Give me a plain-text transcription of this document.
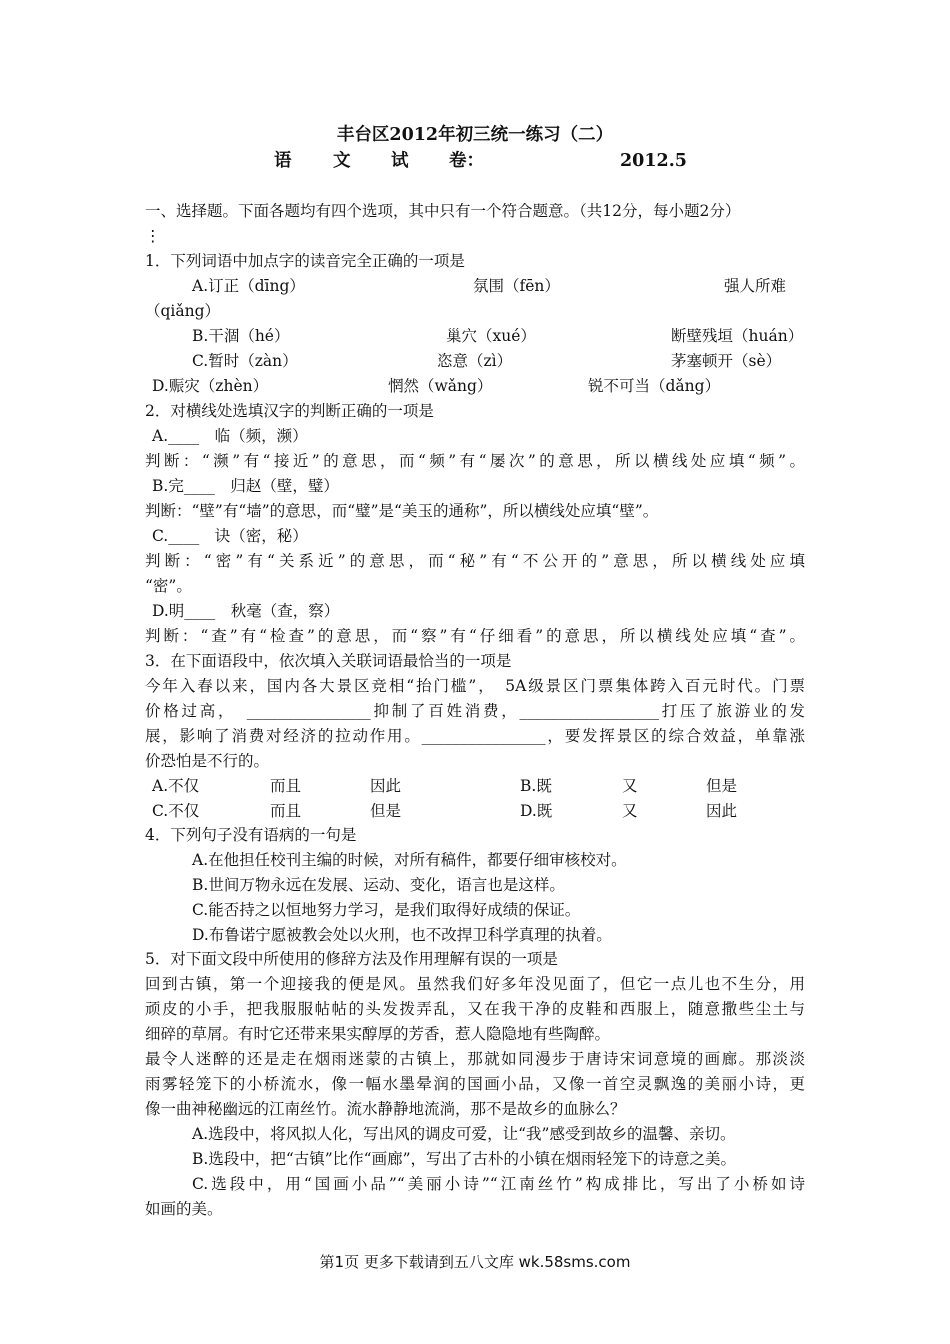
丰台区2012年初三统一练习（二）
语 文 试 卷：	2012.5
一、选择题。下面各题均有四个选项，其中只有一个符合题意。（共12分，每小题2分）
⋮
1．下列词语中加点字的读音完全正确的一项是
A.订正（dīng）	氛围（fēn）	强人所难
（qiǎng）
B.干涸（hé）	巢穴（xué）	断壁残垣（huán）
C.暂时（zàn）	恣意（zì）	茅塞顿开（sè）
D.赈灾（zhèn）	惘然（wǎng）	锐不可当（dǎng）
2．对横线处选填汉字的判断正确的一项是
A.____　临（频，濒）
判断：“濒”有“接近”的意思，而“频”有“屡次”的意思，所以横线处应填“频”。
B.完____　归赵（壁，璧）
判断：“壁”有“墙”的意思，而“璧”是“美玉的通称”，所以横线处应填“壁”。
C.____　诀（密，秘）
判断：“密”有“关系近”的意思，而“秘”有“不公开的”意思，所以横线处应填
“密”。
D.明____　秋毫（查，察）
判断：“查”有“检查”的意思，而“察”有“仔细看”的意思，所以横线处应填“查”。
3．在下面语段中，依次填入关联词语最恰当的一项是
今年入春以来，国内各大景区竞相“抬门槛”，　5A级景区门票集体跨入百元时代。门票
价格过高，　________________抑制了百姓消费，__________________打压了旅游业的发
展，影响了消费对经济的拉动作用。________________，要发挥景区的综合效益，单靠涨
价恐怕是不行的。
A.不仅	而且	因此	B.既	又	但是
C.不仅	而且	但是	D.既	又	因此
4．下列句子没有语病的一句是
A.在他担任校刊主编的时候，对所有稿件，都要仔细审核校对。
B.世间万物永远在发展、运动、变化，语言也是这样。
C.能否持之以恒地努力学习，是我们取得好成绩的保证。
D.布鲁诺宁愿被教会处以火刑，也不改捍卫科学真理的执着。
5．对下面文段中所使用的修辞方法及作用理解有误的一项是
回到古镇，第一个迎接我的便是风。虽然我们好多年没见面了，但它一点儿也不生分，用
顽皮的小手，把我服服帖帖的头发拨弄乱，又在我干净的皮鞋和西服上，随意撒些尘土与
细碎的草屑。有时它还带来果实醇厚的芳香，惹人隐隐地有些陶醉。
最令人迷醉的还是走在烟雨迷蒙的古镇上，那就如同漫步于唐诗宋词意境的画廊。那淡淡
雨雾轻笼下的小桥流水，像一幅水墨晕润的国画小品，又像一首空灵飘逸的美丽小诗，更
像一曲神秘幽远的江南丝竹。流水静静地流淌，那不是故乡的血脉么？
A.选段中，将风拟人化，写出风的调皮可爱，让“我”感受到故乡的温馨、亲切。
B.选段中，把“古镇”比作“画廊”，写出了古朴的小镇在烟雨轻笼下的诗意之美。
C.选段中，用“国画小品”“美丽小诗”“江南丝竹”构成排比，写出了小桥如诗
如画的美。
第1页 更多下载请到五八文库 wk.58sms.com
